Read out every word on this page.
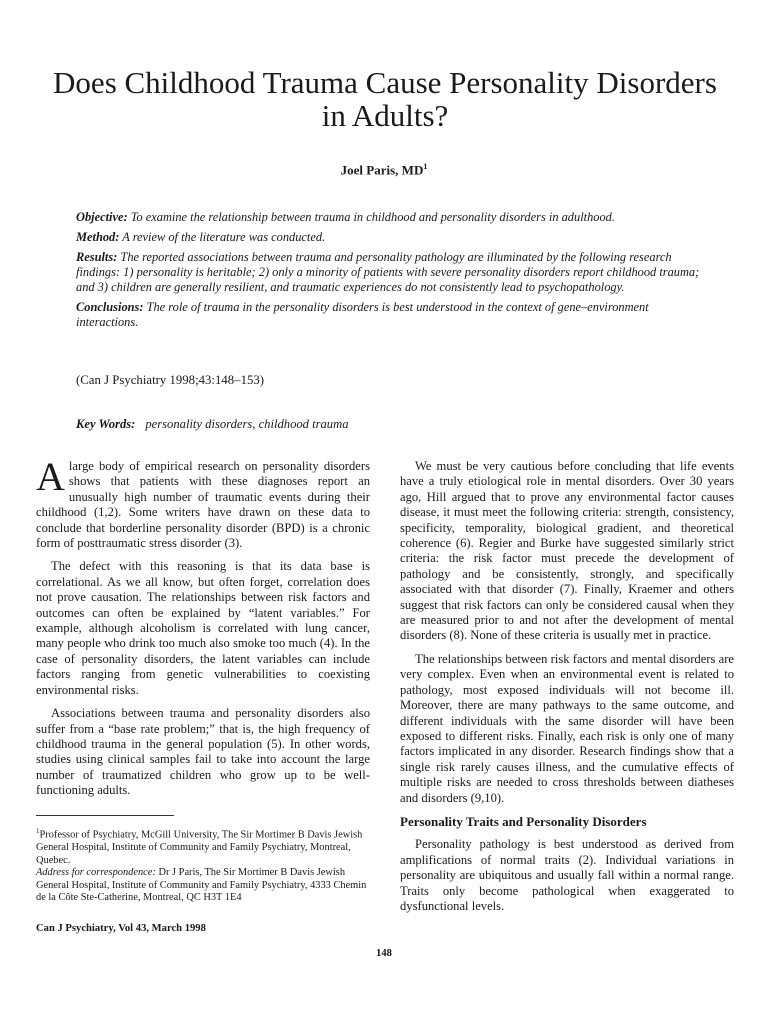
Does Childhood Trauma Cause Personality Disorders in Adults?
Joel Paris, $MD^1$

Objective: To examine the relationship between trauma in childhood and personality disorders in adulthood.

Method: A review of the literature was conducted.

Results: The reported associations between trauma and personality pathology are illuminated by the following research findings: 1) personality is heritable; 2) only a minority of patients with severe personality disorders report childhood trauma; and 3) children are generally resilient, and traumatic experiences do not consistently lead to psychopathology.

Conclusions: The role of trauma in the personality disorders is best understood in the context of gene–environment interactions.

(Can J Psychiatry 1998;43:148–153)
Key Words: personality disorders, childhood trauma

Alarge body of empirical research on personality disorders shows that patients with these diagnoses report an unusually high number of traumatic events during their childhood (1,2). Some writers have drawn on these data to conclude that borderline personality disorder (BPD) is a chronic form of posttraumatic stress disorder (3).

The defect with this reasoning is that its data base is correlational. As we all know, but often forget, correlation does not prove causation. The relationships between risk factors and outcomes can often be explained by “latent variables.” For example, although alcoholism is correlated with lung cancer, many people who drink too much also smoke too much (4). In the case of personality disorders, the latent variables can include factors ranging from genetic vulnerabilities to coexisting environmental risks.

Associations between trauma and personality disorders also suffer from a “base rate problem;” that is, the high frequency of childhood trauma in the general population (5). In other words, studies using clinical samples fail to take into account the large number of traumatized children who grow up to be well-functioning adults.

$^1$Professor of Psychiatry, McGill University, The Sir Mortimer B Davis Jewish General Hospital, Institute of Community and Family Psychiatry, Montreal, Quebec.

Address for correspondence: Dr J Paris, The Sir Mortimer B Davis Jewish General Hospital, Institute of Community and Family Psychiatry, 4333 Chemin de la Côte Ste-Catherine, Montreal, QC H3T 1E4

Can J Psychiatry, Vol 43, March 1998

We must be very cautious before concluding that life events have a truly etiological role in mental disorders. Over 30 years ago, Hill argued that to prove any environmental factor causes disease, it must meet the following criteria: strength, consistency, specificity, temporality, biological gradient, and theoretical coherence (6). Regier and Burke have suggested similarly strict criteria: the risk factor must precede the development of pathology and be consistently, strongly, and specifically associated with that disorder (7). Finally, Kraemer and others suggest that risk factors can only be considered causal when they are measured prior to and not after the development of mental disorders (8). None of these criteria is usually met in practice.

The relationships between risk factors and mental disorders are very complex. Even when an environmental event is related to pathology, most exposed individuals will not become ill. Moreover, there are many pathways to the same outcome, and different individuals with the same disorder will have been exposed to different risks. Finally, each risk is only one of many factors implicated in any disorder. Research findings show that a single risk rarely causes illness, and the cumulative effects of multiple risks are needed to cross thresholds between diatheses and disorders (9,10).

Personality Traits and Personality Disorders

Personality pathology is best understood as derived from amplifications of normal traits (2). Individual variations in personality are ubiquitous and usually fall within a normal range. Traits only become pathological when exaggerated to dysfunctional levels.

148
